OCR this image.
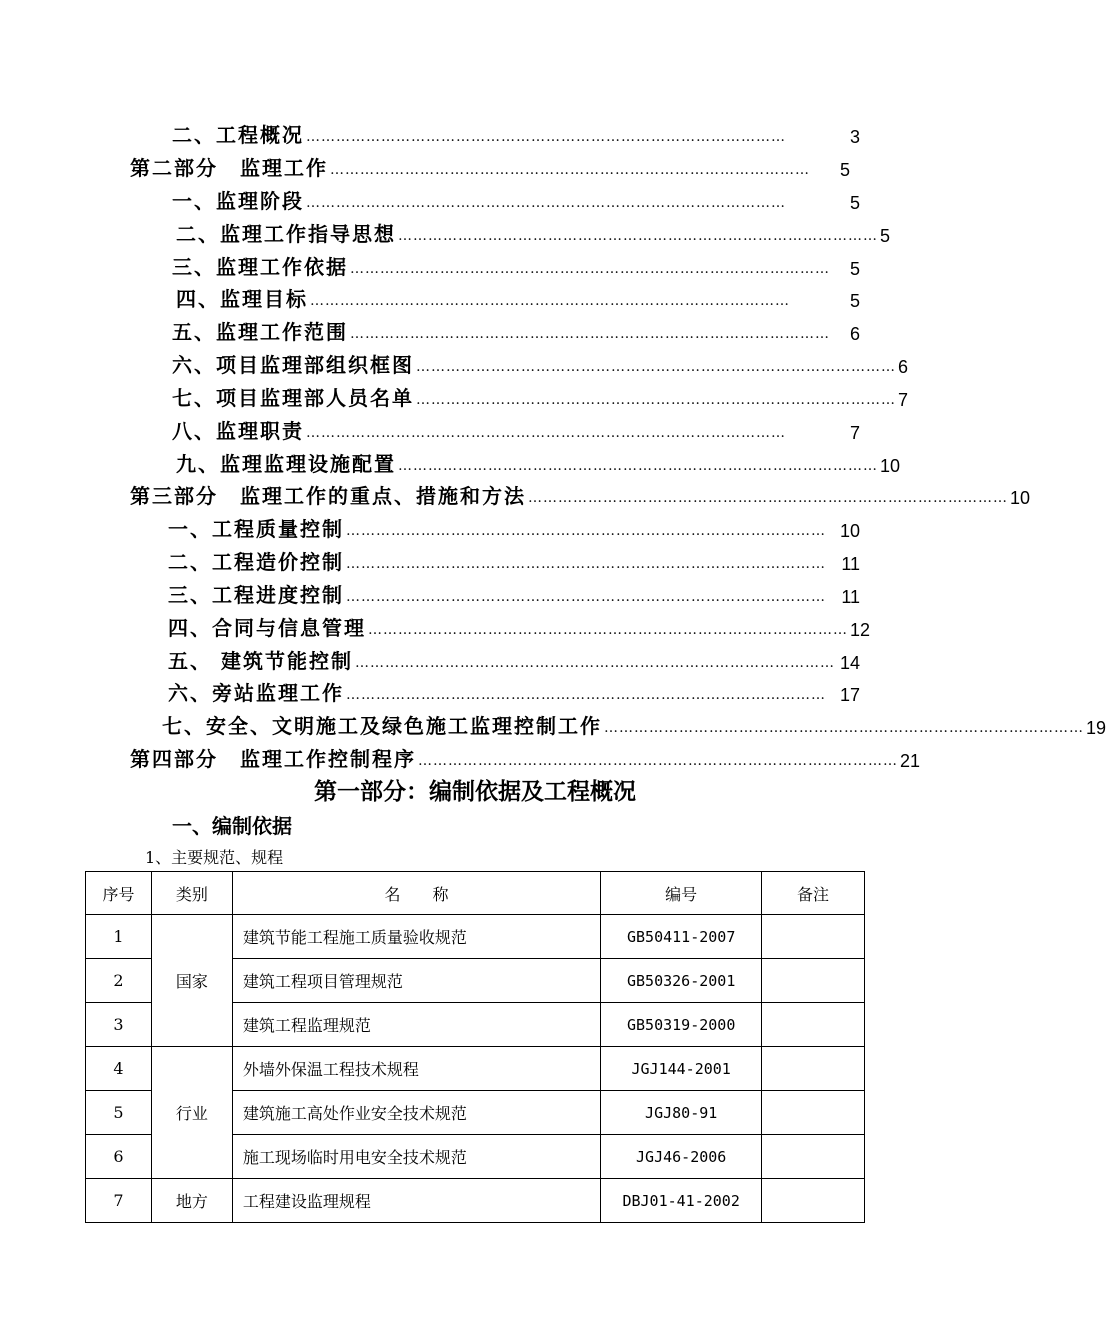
二、工程概况 ……………………………………………………………………………………	3
第二部分　监理工作 ……………………………………………………………………………………	5
一、监理阶段 ……………………………………………………………………………………	5
二、监理工作指导思想 …………………………………………………………………………………… 5
三、监理工作依据 ……………………………………………………………………………………	5
四、监理目标 ……………………………………………………………………………………	5
五、监理工作范围 ……………………………………………………………………………………	6
六、项目监理部组织框图 …………………………………………………………………………………… 6
七、项目监理部人员名单 …………………………………………………………………………………… 7
八、监理职责 ……………………………………………………………………………………	7
九、监理监理设施配置 …………………………………………………………………………………… 10
第三部分　监理工作的重点、措施和方法 …………………………………………………………………………………… 10
一、工程质量控制 …………………………………………………………………………………… 10
二、工程造价控制 …………………………………………………………………………………… 11
三、工程进度控制 …………………………………………………………………………………… 11
四、合同与信息管理 …………………………………………………………………………………… 12
五、 建筑节能控制 …………………………………………………………………………………… 14
六、旁站监理工作 …………………………………………………………………………………… 17
七、安全、文明施工及绿色施工监理控制工作 …………………………………………………………………………………… 19
第四部分　监理工作控制程序 …………………………………………………………………………………… 21
第一部分：编制依据及工程概况
一、编制依据
1、主要规范、规程
序号	类别	名　　称	编号	备注
1	国家	建筑节能工程施工质量验收规范	GB50411-2007	
2		建筑工程项目管理规范	GB50326-2001	
3		建筑工程监理规范	GB50319-2000	
4	行业	外墙外保温工程技术规程	JGJ144-2001	
5		建筑施工高处作业安全技术规范	JGJ80-91	
6		施工现场临时用电安全技术规范	JGJ46-2006	
7	地方	工程建设监理规程	DBJ01-41-2002	
